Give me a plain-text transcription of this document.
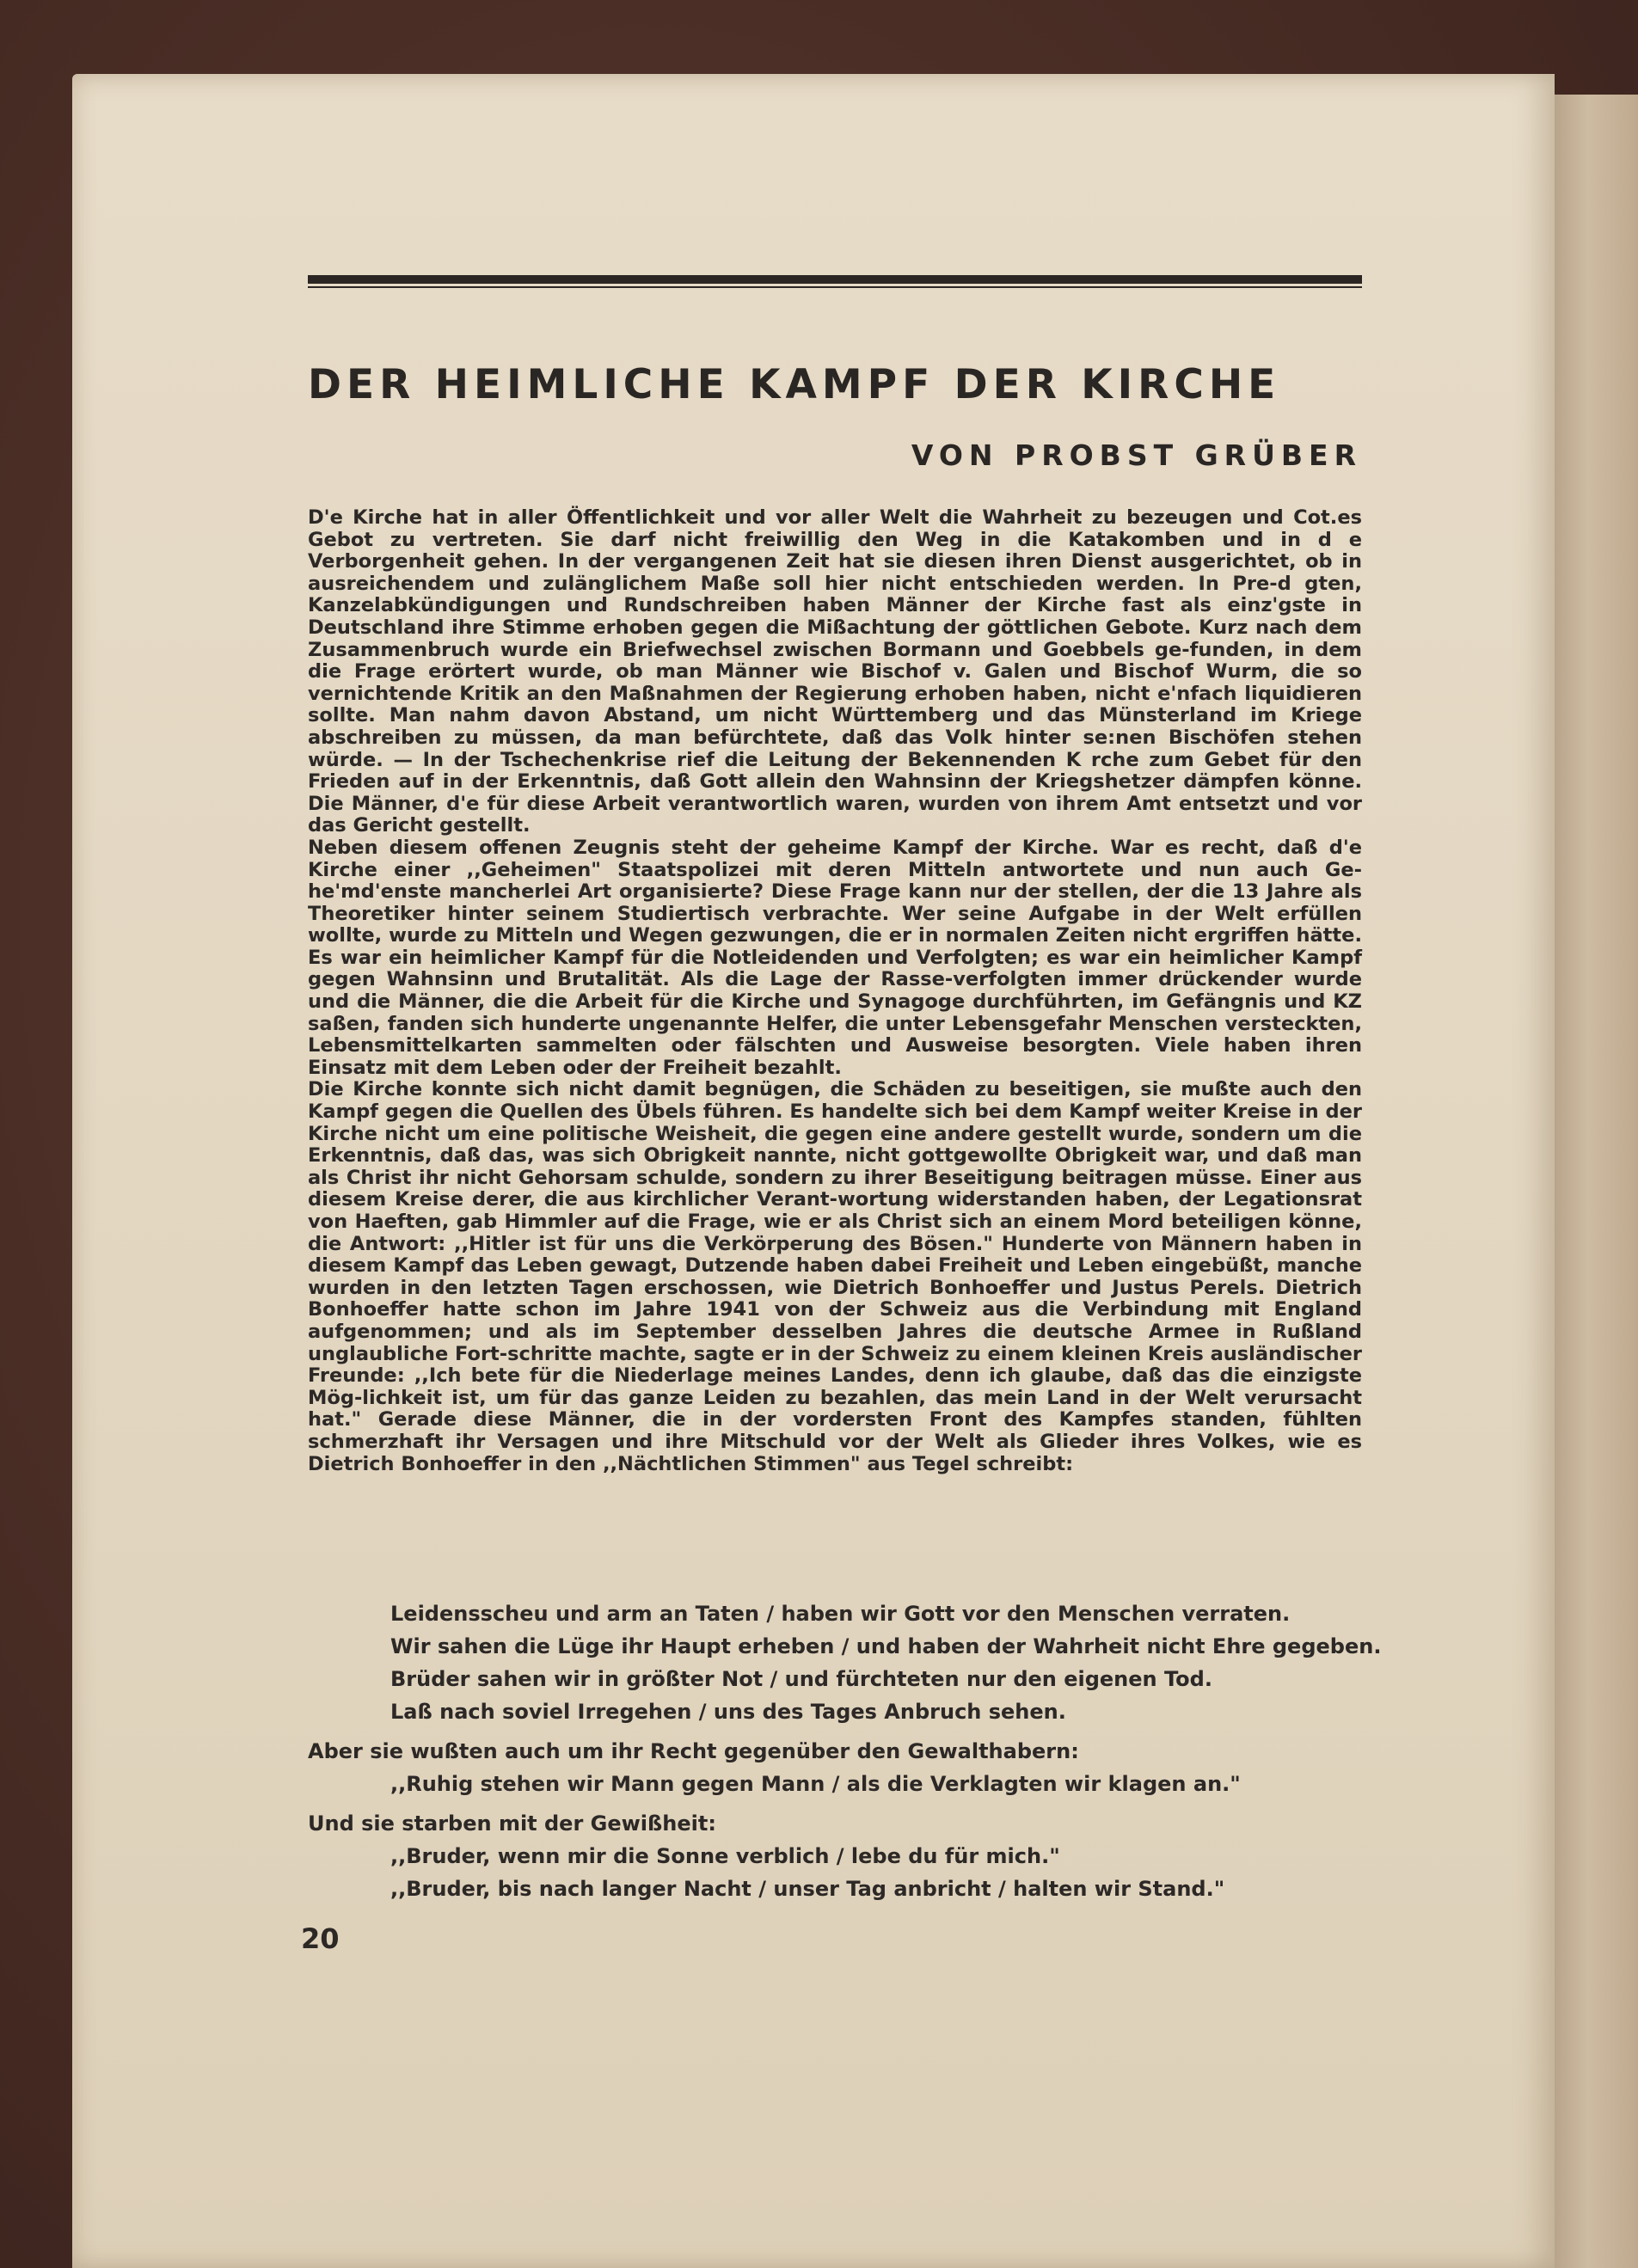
DER HEIMLICHE KAMPF DER KIRCHE
VON PROBST GRÜBER

D'e Kirche hat in aller Öffentlichkeit und vor aller Welt die Wahrheit zu bezeugen und Cot.es Gebot zu vertreten. Sie darf nicht freiwillig den Weg in die Katakomben und in d e Verborgenheit gehen. In der vergangenen Zeit hat sie diesen ihren Dienst ausgerichtet, ob in ausreichendem und zulänglichem Maße soll hier nicht entschieden werden. In Pre-d gten, Kanzelabkündigungen und Rundschreiben haben Männer der Kirche fast als einz'gste in Deutschland ihre Stimme erhoben gegen die Mißachtung der göttlichen Gebote. Kurz nach dem Zusammenbruch wurde ein Briefwechsel zwischen Bormann und Goebbels ge-funden, in dem die Frage erörtert wurde, ob man Männer wie Bischof v. Galen und Bischof Wurm, die so vernichtende Kritik an den Maßnahmen der Regierung erhoben haben, nicht e'nfach liquidieren sollte. Man nahm davon Abstand, um nicht Württemberg und das Münsterland im Kriege abschreiben zu müssen, da man befürchtete, daß das Volk hinter se:nen Bischöfen stehen würde. — In der Tschechenkrise rief die Leitung der Bekennenden K rche zum Gebet für den Frieden auf in der Erkenntnis, daß Gott allein den Wahnsinn der Kriegshetzer dämpfen könne. Die Männer, d'e für diese Arbeit verantwortlich waren, wurden von ihrem Amt entsetzt und vor das Gericht gestellt.

Neben diesem offenen Zeugnis steht der geheime Kampf der Kirche. War es recht, daß d'e Kirche einer ,,Geheimen" Staatspolizei mit deren Mitteln antwortete und nun auch Ge-he'md'enste mancherlei Art organisierte? Diese Frage kann nur der stellen, der die 13 Jahre als Theoretiker hinter seinem Studiertisch verbrachte. Wer seine Aufgabe in der Welt erfüllen wollte, wurde zu Mitteln und Wegen gezwungen, die er in normalen Zeiten nicht ergriffen hätte. Es war ein heimlicher Kampf für die Notleidenden und Verfolgten; es war ein heimlicher Kampf gegen Wahnsinn und Brutalität. Als die Lage der Rasse-verfolgten immer drückender wurde und die Männer, die die Arbeit für die Kirche und Synagoge durchführten, im Gefängnis und KZ saßen, fanden sich hunderte ungenannte Helfer, die unter Lebensgefahr Menschen versteckten, Lebensmittelkarten sammelten oder fälschten und Ausweise besorgten. Viele haben ihren Einsatz mit dem Leben oder der Freiheit bezahlt.

Die Kirche konnte sich nicht damit begnügen, die Schäden zu beseitigen, sie mußte auch den Kampf gegen die Quellen des Übels führen. Es handelte sich bei dem Kampf weiter Kreise in der Kirche nicht um eine politische Weisheit, die gegen eine andere gestellt wurde, sondern um die Erkenntnis, daß das, was sich Obrigkeit nannte, nicht gottgewollte Obrigkeit war, und daß man als Christ ihr nicht Gehorsam schulde, sondern zu ihrer Beseitigung beitragen müsse. Einer aus diesem Kreise derer, die aus kirchlicher Verant-wortung widerstanden haben, der Legationsrat von Haeften, gab Himmler auf die Frage, wie er als Christ sich an einem Mord beteiligen könne, die Antwort: ,,Hitler ist für uns die Verkörperung des Bösen." Hunderte von Männern haben in diesem Kampf das Leben gewagt, Dutzende haben dabei Freiheit und Leben eingebüßt, manche wurden in den letzten Tagen erschossen, wie Dietrich Bonhoeffer und Justus Perels. Dietrich Bonhoeffer hatte schon im Jahre 1941 von der Schweiz aus die Verbindung mit England aufgenommen; und als im September desselben Jahres die deutsche Armee in Rußland unglaubliche Fort-schritte machte, sagte er in der Schweiz zu einem kleinen Kreis ausländischer Freunde: ,,Ich bete für die Niederlage meines Landes, denn ich glaube, daß das die einzigste Mög-lichkeit ist, um für das ganze Leiden zu bezahlen, das mein Land in der Welt verursacht hat." Gerade diese Männer, die in der vordersten Front des Kampfes standen, fühlten schmerzhaft ihr Versagen und ihre Mitschuld vor der Welt als Glieder ihres Volkes, wie es Dietrich Bonhoeffer in den ,,Nächtlichen Stimmen" aus Tegel schreibt:

Leidensscheu und arm an Taten / haben wir Gott vor den Menschen verraten.
Wir sahen die Lüge ihr Haupt erheben / und haben der Wahrheit nicht Ehre gegeben.
Brüder sahen wir in größter Not / und fürchteten nur den eigenen Tod.
Laß nach soviel Irregehen / uns des Tages Anbruch sehen.
Aber sie wußten auch um ihr Recht gegenüber den Gewalthabern:
,,Ruhig stehen wir Mann gegen Mann / als die Verklagten wir klagen an."
Und sie starben mit der Gewißheit:
,,Bruder, wenn mir die Sonne verblich / lebe du für mich."
,,Bruder, bis nach langer Nacht / unser Tag anbricht / halten wir Stand."
20
